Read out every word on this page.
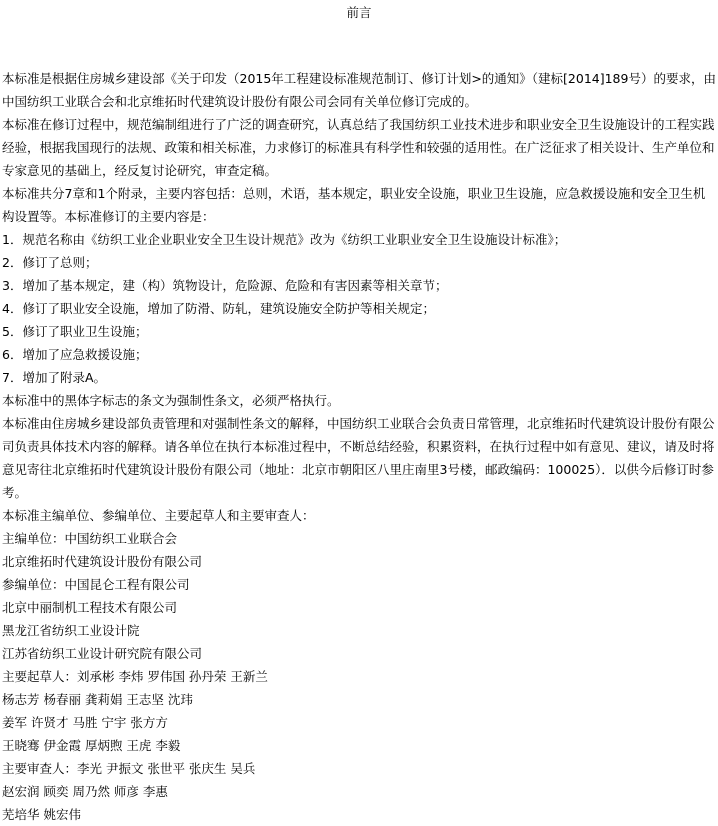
前言

本标准是根据住房城乡建设部《关于印发（2015年工程建设标准规范制订、修订计划>的通知》（建标[2014]189号）的要求，由中国纺织工业联合会和北京维拓时代建筑设计股份有限公司会同有关单位修订完成的。

本标准在修订过程中，规范编制组进行了广泛的调查研究，认真总结了我国纺织工业技术进步和职业安全卫生设施设计的工程实践经验，根据我国现行的法规、政策和相关标准，力求修订的标准具有科学性和较强的适用性。在广泛征求了相关设计、生产单位和专家意见的基础上，经反复讨论研究，审查定稿。

本标准共分7章和1个附录，主要内容包括：总则，术语，基本规定，职业安全设施，职业卫生设施，应急救援设施和安全卫生机构设置等。本标准修订的主要内容是：

1．规范名称由《纺织工业企业职业安全卫生设计规范》改为《纺织工业职业安全卫生设施设计标准》；

2．修订了总则；

3．增加了基本规定，建（构）筑物设计，危险源、危险和有害因素等相关章节；

4．修订了职业安全设施，增加了防滑、防轧，建筑设施安全防护等相关规定；

5．修订了职业卫生设施；

6．增加了应急救援设施；

7．增加了附录A。

本标准中的黑体字标志的条文为强制性条文，必须严格执行。

本标准由住房城乡建设部负责管理和对强制性条文的解释，中国纺织工业联合会负责日常管理，北京维拓时代建筑设计股份有限公司负责具体技术内容的解释。请各单位在执行本标准过程中，不断总结经验，积累资料，在执行过程中如有意见、建议，请及时将意见寄往北京维拓时代建筑设计股份有限公司（地址：北京市朝阳区八里庄南里3号楼，邮政编码：100025）．以供今后修订时参考。

本标准主编单位、参编单位、主要起草人和主要审查人：

主编单位：中国纺织工业联合会

北京维拓时代建筑设计股份有限公司

参编单位：中国昆仑工程有限公司

北京中丽制机工程技术有限公司

黑龙江省纺织工业设计院

江苏省纺织工业设计研究院有限公司

主要起草人：刘承彬 李炜 罗伟国 孙丹荣 王新兰

杨志芳 杨春丽 龚莉娟 王志坚 沈玮

姜军 许贤才 马胜 宁宇 张方方

王晓骞 伊金霞 厚炳煦 王虎 李毅

主要审查人：李光 尹振文 张世平 张庆生 吴兵

赵宏润 顾奕 周乃然 师彦 李惠

芜培华 姚宏伟
